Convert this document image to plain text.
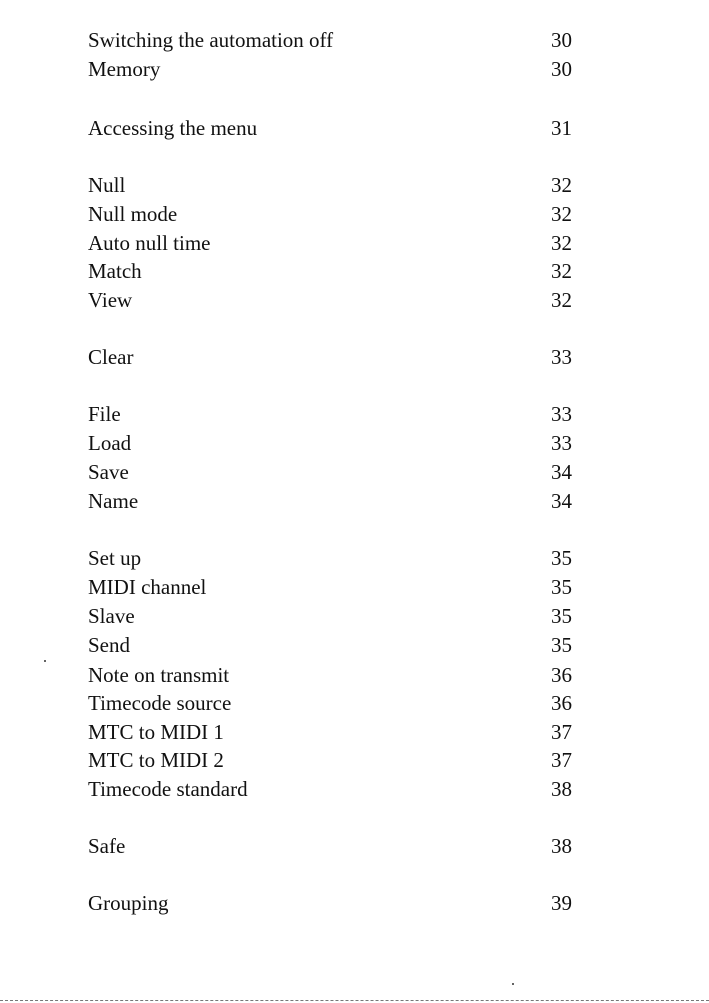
Switching the automation off	30
Memory	30
Accessing the menu	31
Null	32
Null mode	32
Auto null time	32
Match	32
View	32
Clear	33
File	33
Load	33
Save	34
Name	34
Set up	35
MIDI channel	35
Slave	35
Send	35
Note on transmit	36
Timecode source	36
MTC to MIDI 1	37
MTC to MIDI 2	37
Timecode standard	38
Safe	38
Grouping	39
